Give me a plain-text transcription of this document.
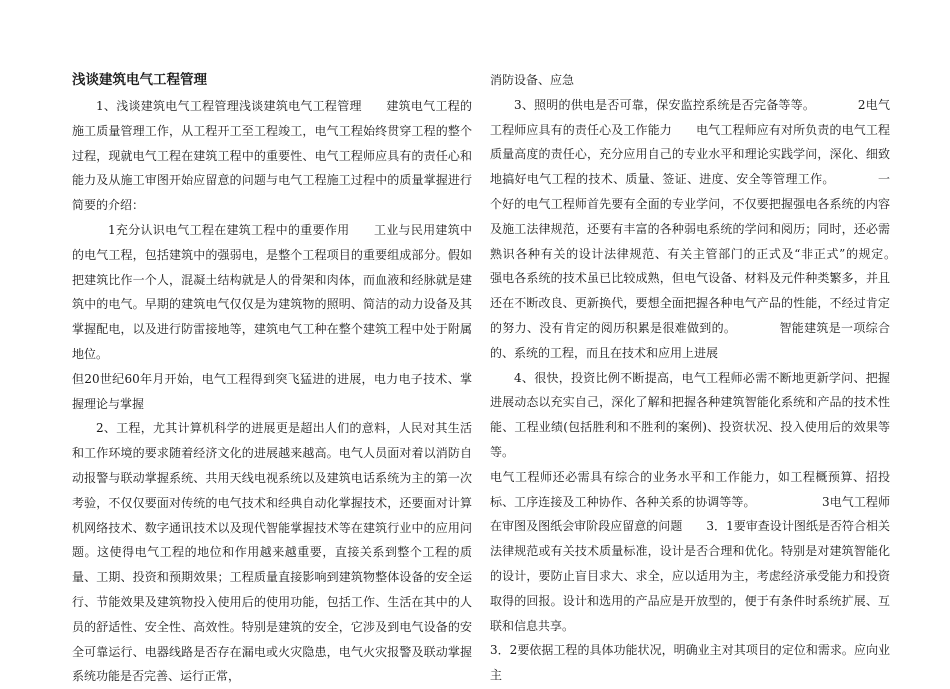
浅谈建筑电气工程管理

1、浅谈建筑电气工程管理浅谈建筑电气工程管理　　建筑电气工程的施工质量管理工作，从工程开工至工程竣工，电气工程始终贯穿工程的整个过程，现就电气工程在建筑工程中的重要性、电气工程师应具有的责任心和能力及从施工审图开始应留意的问题与电气工程施工过程中的质量掌握进行简要的介绍：

1充分认识电气工程在建筑工程中的重要作用　　工业与民用建筑中的电气工程，包括建筑中的强弱电，是整个工程项目的重要组成部分。假如把建筑比作一个人，混凝土结构就是人的骨架和肉体，而血液和经脉就是建筑中的电气。早期的建筑电气仅仅是为建筑物的照明、简洁的动力设备及其掌握配电，以及进行防雷接地等，建筑电气工种在整个建筑工程中处于附属地位。

但20世纪60年月开始，电气工程得到突飞猛进的进展，电力电子技术、掌握理论与掌握

2、工程，尤其计算机科学的进展更是超出人们的意料，人民对其生活和工作环境的要求随着经济文化的进展越来越高。电气人员面对着以消防自动报警与联动掌握系统、共用天线电视系统以及建筑电话系统为主的第一次考验，不仅仅要面对传统的电气技术和经典自动化掌握技术，还要面对计算机网络技术、数字通讯技术以及现代智能掌握技术等在建筑行业中的应用问题。这使得电气工程的地位和作用越来越重要，直接关系到整个工程的质量、工期、投资和预期效果；工程质量直接影响到建筑物整体设备的安全运行、节能效果及建筑物投入使用后的使用功能，包括工作、生活在其中的人员的舒适性、安全性、高效性。特别是建筑的安全，它涉及到电气设备的安全可靠运行、电器线路是否存在漏电或火灾隐患，电气火灾报警及联动掌握系统功能是否完善、运行正常，

消防设备、应急

3、照明的供电是否可靠，保安监控系统是否完备等等。　　　　2电气工程师应具有的责任心及工作能力　　电气工程师应有对所负责的电气工程质量高度的责任心，充分应用自己的专业水平和理论实践学问，深化、细致地搞好电气工程的技术、质量、签证、进度、安全等管理工作。　　　　一个好的电气工程师首先要有全面的专业学问，不仅要把握强电各系统的内容及施工法律规范，还要有丰富的各种弱电系统的学问和阅历；同时，还必需熟识各种有关的设计法律规范、有关主管部门的正式及“非正式”的规定。　　　　强电各系统的技术虽已比较成熟，但电气设备、材料及元件种类繁多，并且还在不断改良、更新换代，要想全面把握各种电气产品的性能，不经过肯定的努力、没有肯定的阅历积累是很难做到的。　　　　智能建筑是一项综合的、系统的工程，而且在技术和应用上进展

4、很快，投资比例不断提高，电气工程师必需不断地更新学问、把握进展动态以充实自己，深化了解和把握各种建筑智能化系统和产品的技术性能、工程业绩(包括胜利和不胜利的案例)、投资状况、投入使用后的效果等等。

电气工程师还必需具有综合的业务水平和工作能力，如工程概预算、招投标、工序连接及工种协作、各种关系的协调等等。　　　　　　3电气工程师在审图及图纸会审阶段应留意的问题　　3．1要审查设计图纸是否符合相关法律规范或有关技术质量标准，设计是否合理和优化。特别是对建筑智能化的设计，要防止盲目求大、求全，应以适用为主，考虑经济承受能力和投资取得的回报。设计和选用的产品应是开放型的，便于有条件时系统扩展、互联和信息共享。

3．2要依据工程的具体功能状况，明确业主对其项目的定位和需求。应向业主
